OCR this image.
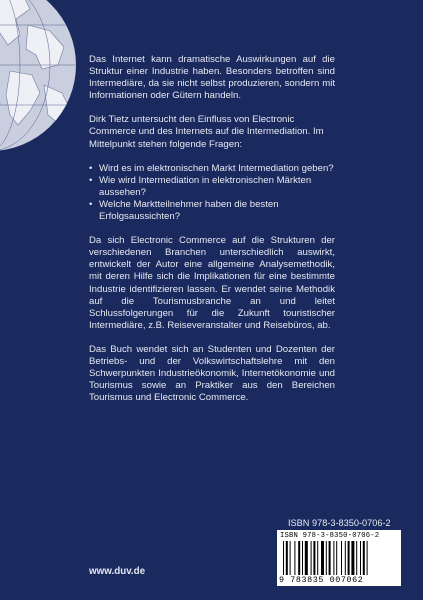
Das Internet kann dramatische Auswirkungen auf die Struktur einer Industrie haben. Besonders betroffen sind Intermediäre, da sie nicht selbst produzieren, sondern mit Informationen oder Gütern handeln.

Dirk Tietz untersucht den Einfluss von Electronic Commerce und des Internets auf die Intermediation. Im Mittelpunkt stehen folgende Fragen:

• Wird es im elektronischen Markt Intermediation geben?
• Wie wird Intermediation in elektronischen Märkten aussehen?
• Welche Marktteilnehmer haben die besten Erfolgsaussichten?

Da sich Electronic Commerce auf die Strukturen der verschiedenen Branchen unterschiedlich auswirkt, entwickelt der Autor eine allgemeine Analysemethodik, mit deren Hilfe sich die Implikationen für eine bestimmte Industrie identifizieren lassen. Er wendet seine Methodik auf die Tourismusbranche an und leitet Schlussfolgerungen für die Zukunft touristischer Intermediäre, z.B. Reiseveranstalter und Reisebüros, ab.

Das Buch wendet sich an Studenten und Dozenten der Betriebs- und der Volkswirtschaftslehre mit den Schwerpunkten Industrieökonomik, Internetökonomie und Tourismus sowie an Praktiker aus den Bereichen Tourismus und Electronic Commerce.

ISBN 978-3-8350-0706-2
ISBN 978-3-8350-0706-2
9 783835 007062
www.duv.de
